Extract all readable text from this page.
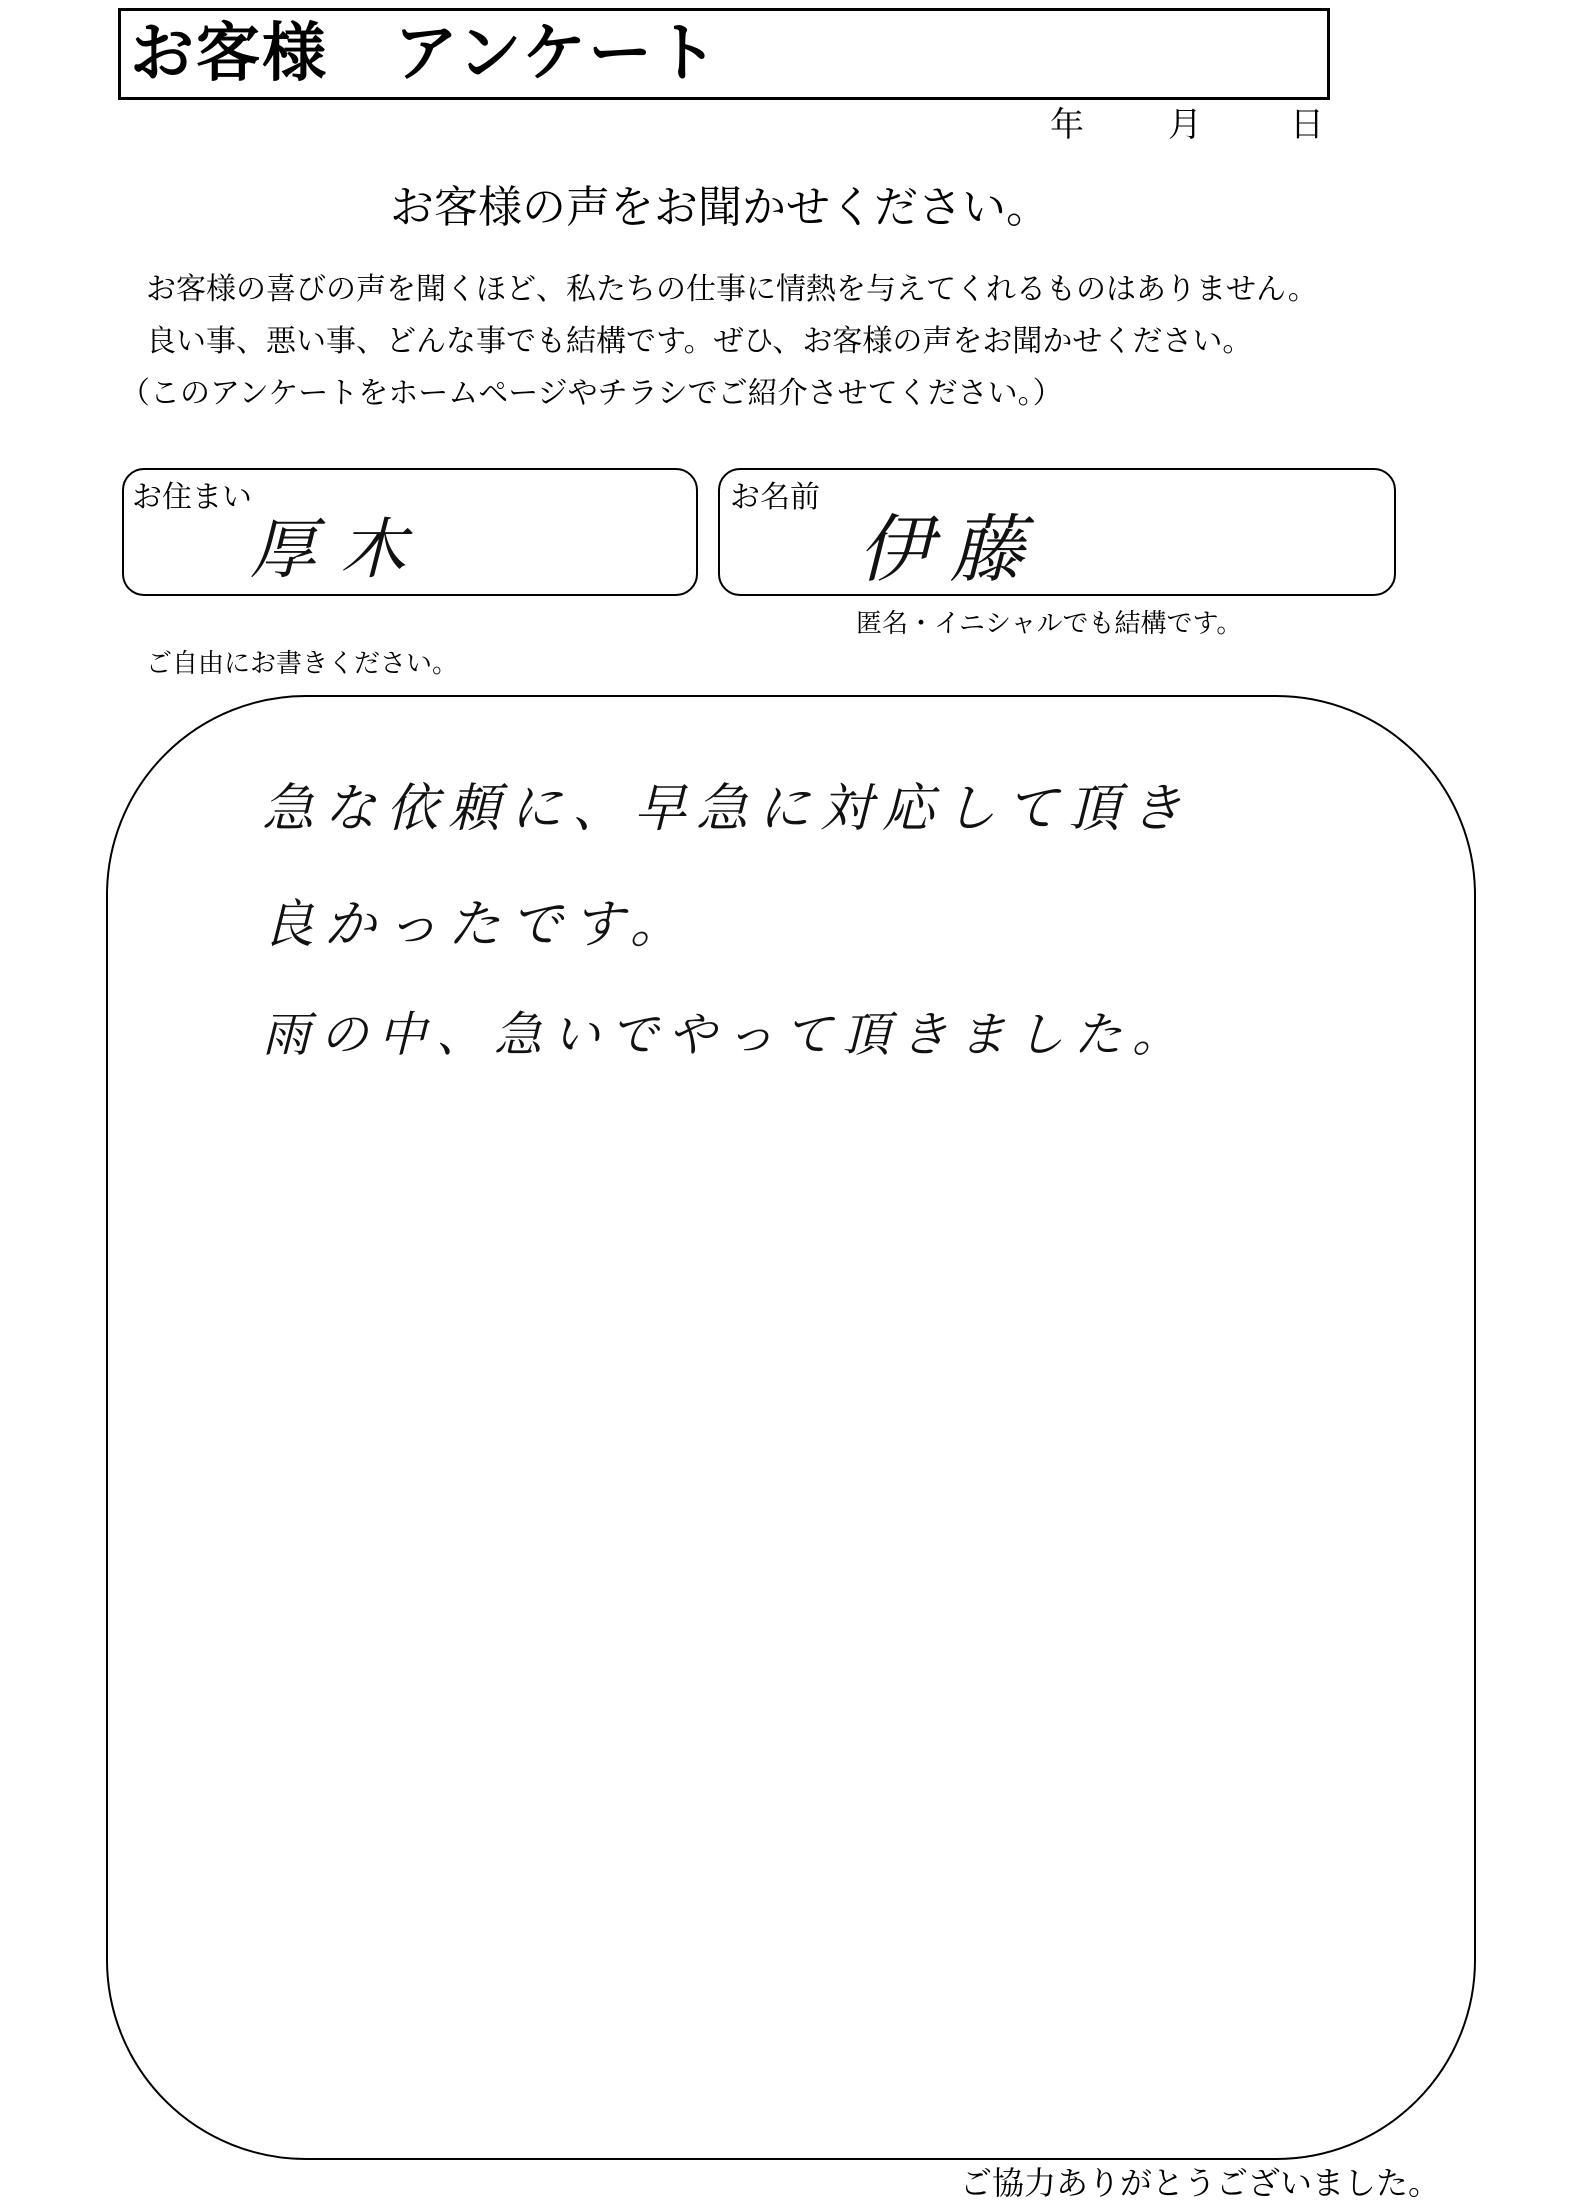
お客様　アンケート
年 月	日
お客様の声をお聞かせください。
お客様の喜びの声を聞くほど、私たちの仕事に情熱を与えてくれるものはありません。
良い事、悪い事、どんな事でも結構です。ぜひ、お客様の声をお聞かせください。
（このアンケートをホームページやチラシでご紹介させてください。）
お住まい
厚木
お名前
伊藤
匿名・イニシャルでも結構です。
ご自由にお書きください。
急な依頼に、早急に対応して頂き
良かったです。
雨の中、急いでやって頂きました。
ご協力ありがとうございました。
